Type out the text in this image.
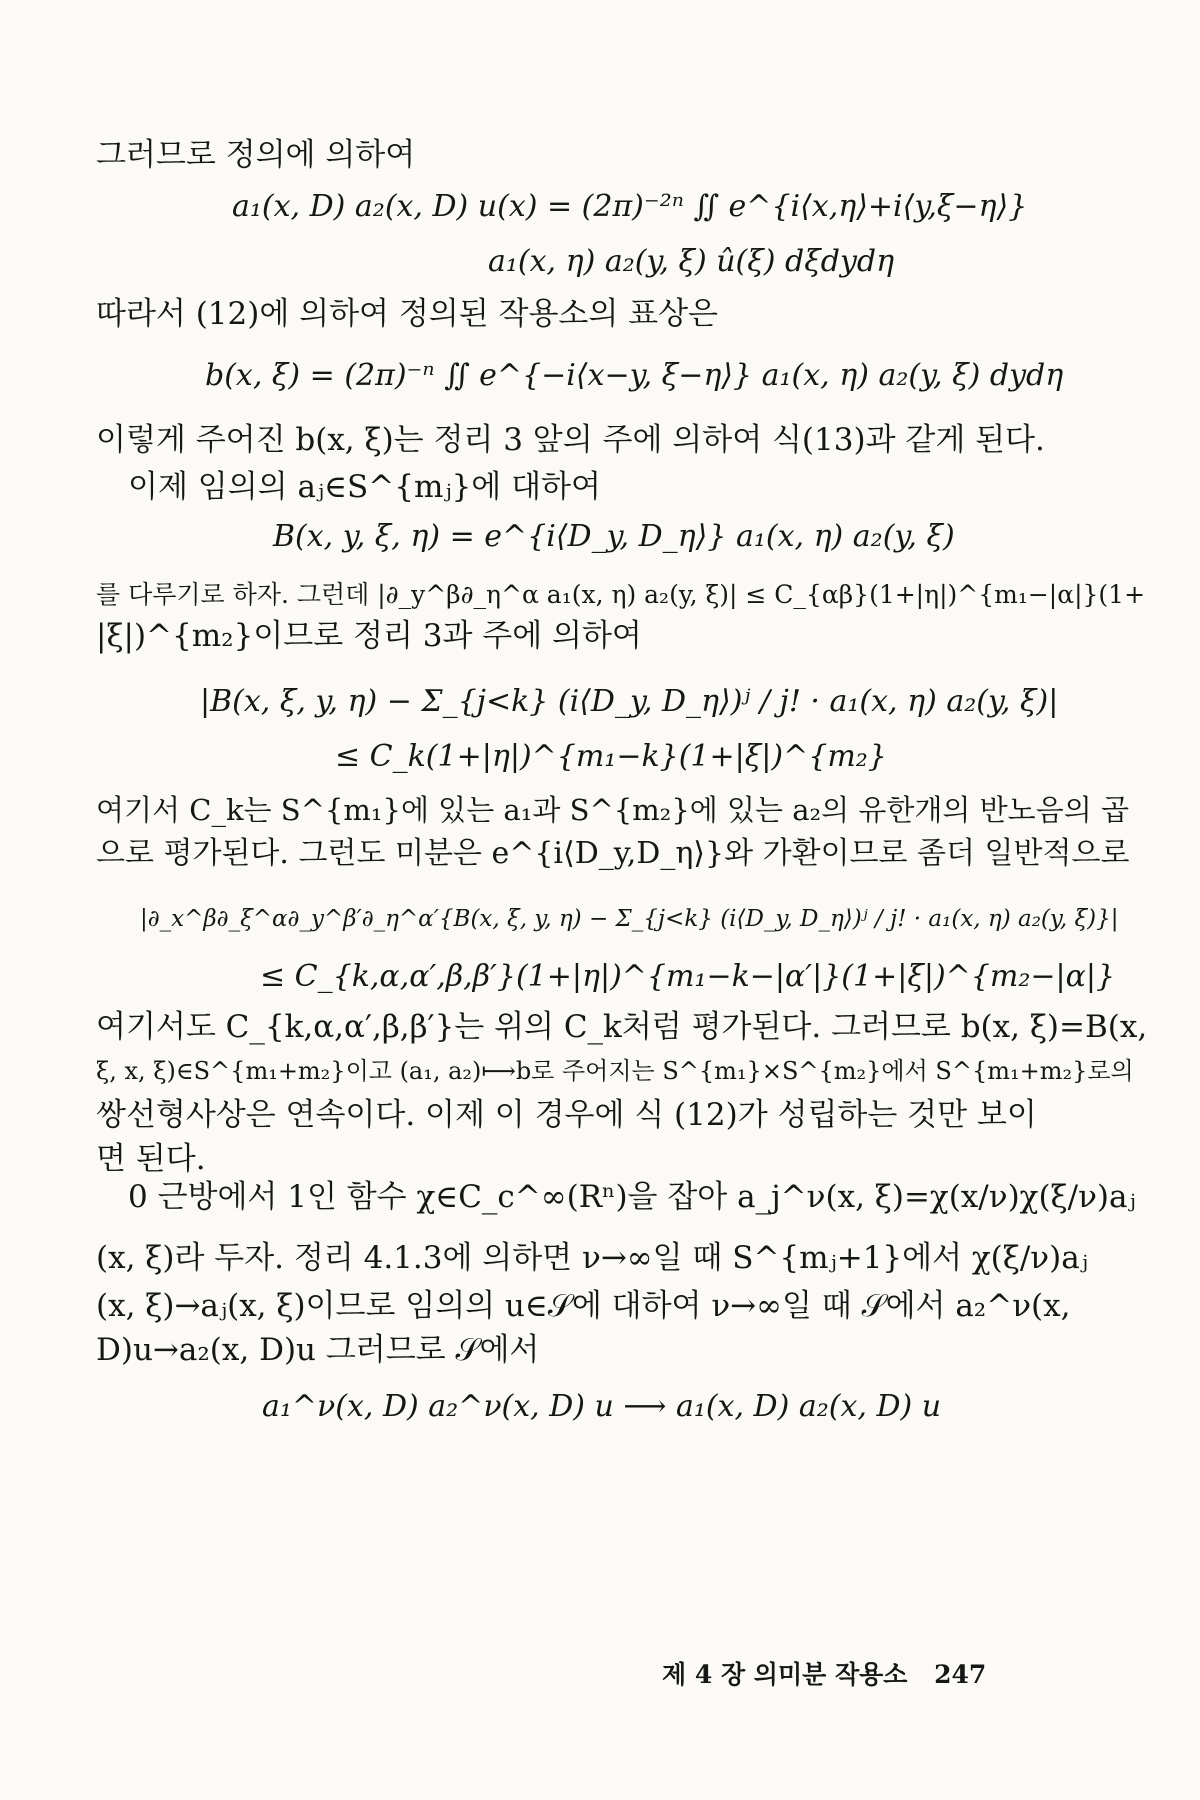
그러므로 정의에 의하여
a₁(x, D) a₂(x, D) u(x) = (2π)⁻²ⁿ ∬ e^{i⟨x,η⟩+i⟨y,ξ−η⟩}
a₁(x, η) a₂(y, ξ) û(ξ) dξdydη
따라서 (12)에 의하여 정의된 작용소의 표상은
b(x, ξ) = (2π)⁻ⁿ ∬ e^{−i⟨x−y, ξ−η⟩} a₁(x, η) a₂(y, ξ) dydη
이렇게 주어진 b(x, ξ)는 정리 3 앞의 주에 의하여 식(13)과 같게 된다.
이제 임의의 aⱼ∈S^{mⱼ}에 대하여
B(x, y, ξ, η) = e^{i⟨D_y, D_η⟩} a₁(x, η) a₂(y, ξ)
를 다루기로 하자. 그런데 |∂_y^β∂_η^α a₁(x, η) a₂(y, ξ)| ≤ C_{αβ}(1+|η|)^{m₁−|α|}(1+
|ξ|)^{m₂}이므로 정리 3과 주에 의하여
|B(x, ξ, y, η) − Σ_{j<k} (i⟨D_y, D_η⟩)ʲ / j! · a₁(x, η) a₂(y, ξ)|
≤ C_k(1+|η|)^{m₁−k}(1+|ξ|)^{m₂}
여기서 C_k는 S^{m₁}에 있는 a₁과 S^{m₂}에 있는 a₂의 유한개의 반노음의 곱
으로 평가된다. 그런도 미분은 e^{i⟨D_y,D_η⟩}와 가환이므로 좀더 일반적으로
|∂_x^β∂_ξ^α∂_y^β′∂_η^α′{B(x, ξ, y, η) − Σ_{j<k} (i⟨D_y, D_η⟩)ʲ / j! · a₁(x, η) a₂(y, ξ)}|
≤ C_{k,α,α′,β,β′}(1+|η|)^{m₁−k−|α′|}(1+|ξ|)^{m₂−|α|}
여기서도 C_{k,α,α′,β,β′}는 위의 C_k처럼 평가된다. 그러므로 b(x, ξ)=B(x,
ξ, x, ξ)∈S^{m₁+m₂}이고 (a₁, a₂)⟼b로 주어지는 S^{m₁}×S^{m₂}에서 S^{m₁+m₂}로의
쌍선형사상은 연속이다. 이제 이 경우에 식 (12)가 성립하는 것만 보이
면 된다.
0 근방에서 1인 함수 χ∈C_c^∞(Rⁿ)을 잡아 a_j^ν(x, ξ)=χ(x/ν)χ(ξ/ν)aⱼ
(x, ξ)라 두자. 정리 4.1.3에 의하면 ν→∞일 때 S^{mⱼ+1}에서 χ(ξ/ν)aⱼ
(x, ξ)→aⱼ(x, ξ)이므로 임의의 u∈𝒮에 대하여 ν→∞일 때 𝒮에서 a₂^ν(x,
D)u→a₂(x, D)u 그러므로 𝒮에서
a₁^ν(x, D) a₂^ν(x, D) u ⟶ a₁(x, D) a₂(x, D) u
제 4 장 의미분 작용소 247
